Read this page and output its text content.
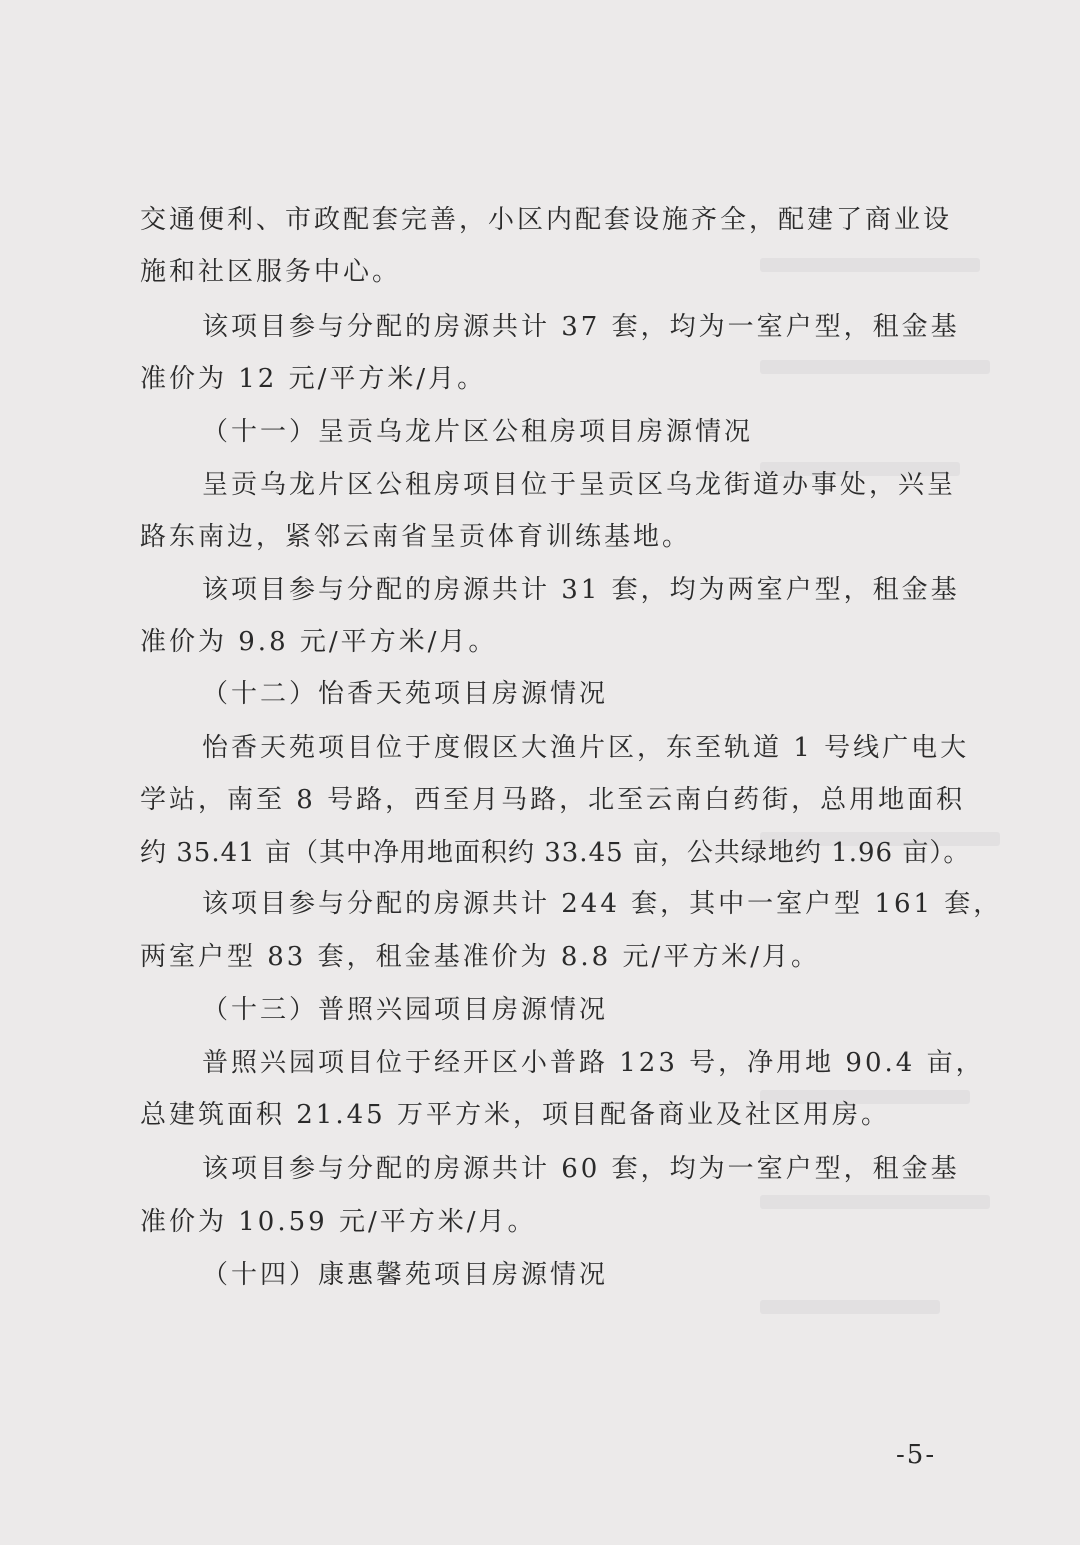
交通便利、市政配套完善，小区内配套设施齐全，配建了商业设
施和社区服务中心。
该项目参与分配的房源共计 37 套，均为一室户型，租金基
准价为 12 元/平方米/月。
（十一）呈贡乌龙片区公租房项目房源情况
呈贡乌龙片区公租房项目位于呈贡区乌龙街道办事处，兴呈
路东南边，紧邻云南省呈贡体育训练基地。
该项目参与分配的房源共计 31 套，均为两室户型，租金基
准价为 9.8 元/平方米/月。
（十二）怡香天苑项目房源情况
怡香天苑项目位于度假区大渔片区，东至轨道 1 号线广电大
学站，南至 8 号路，西至月马路，北至云南白药街，总用地面积
约 35.41 亩（其中净用地面积约 33.45 亩，公共绿地约 1.96 亩）。
该项目参与分配的房源共计 244 套，其中一室户型 161 套，
两室户型 83 套，租金基准价为 8.8 元/平方米/月。
（十三）普照兴园项目房源情况
普照兴园项目位于经开区小普路 123 号，净用地 90.4 亩，
总建筑面积 21.45 万平方米，项目配备商业及社区用房。
该项目参与分配的房源共计 60 套，均为一室户型，租金基
准价为 10.59 元/平方米/月。
（十四）康惠馨苑项目房源情况
-5-
